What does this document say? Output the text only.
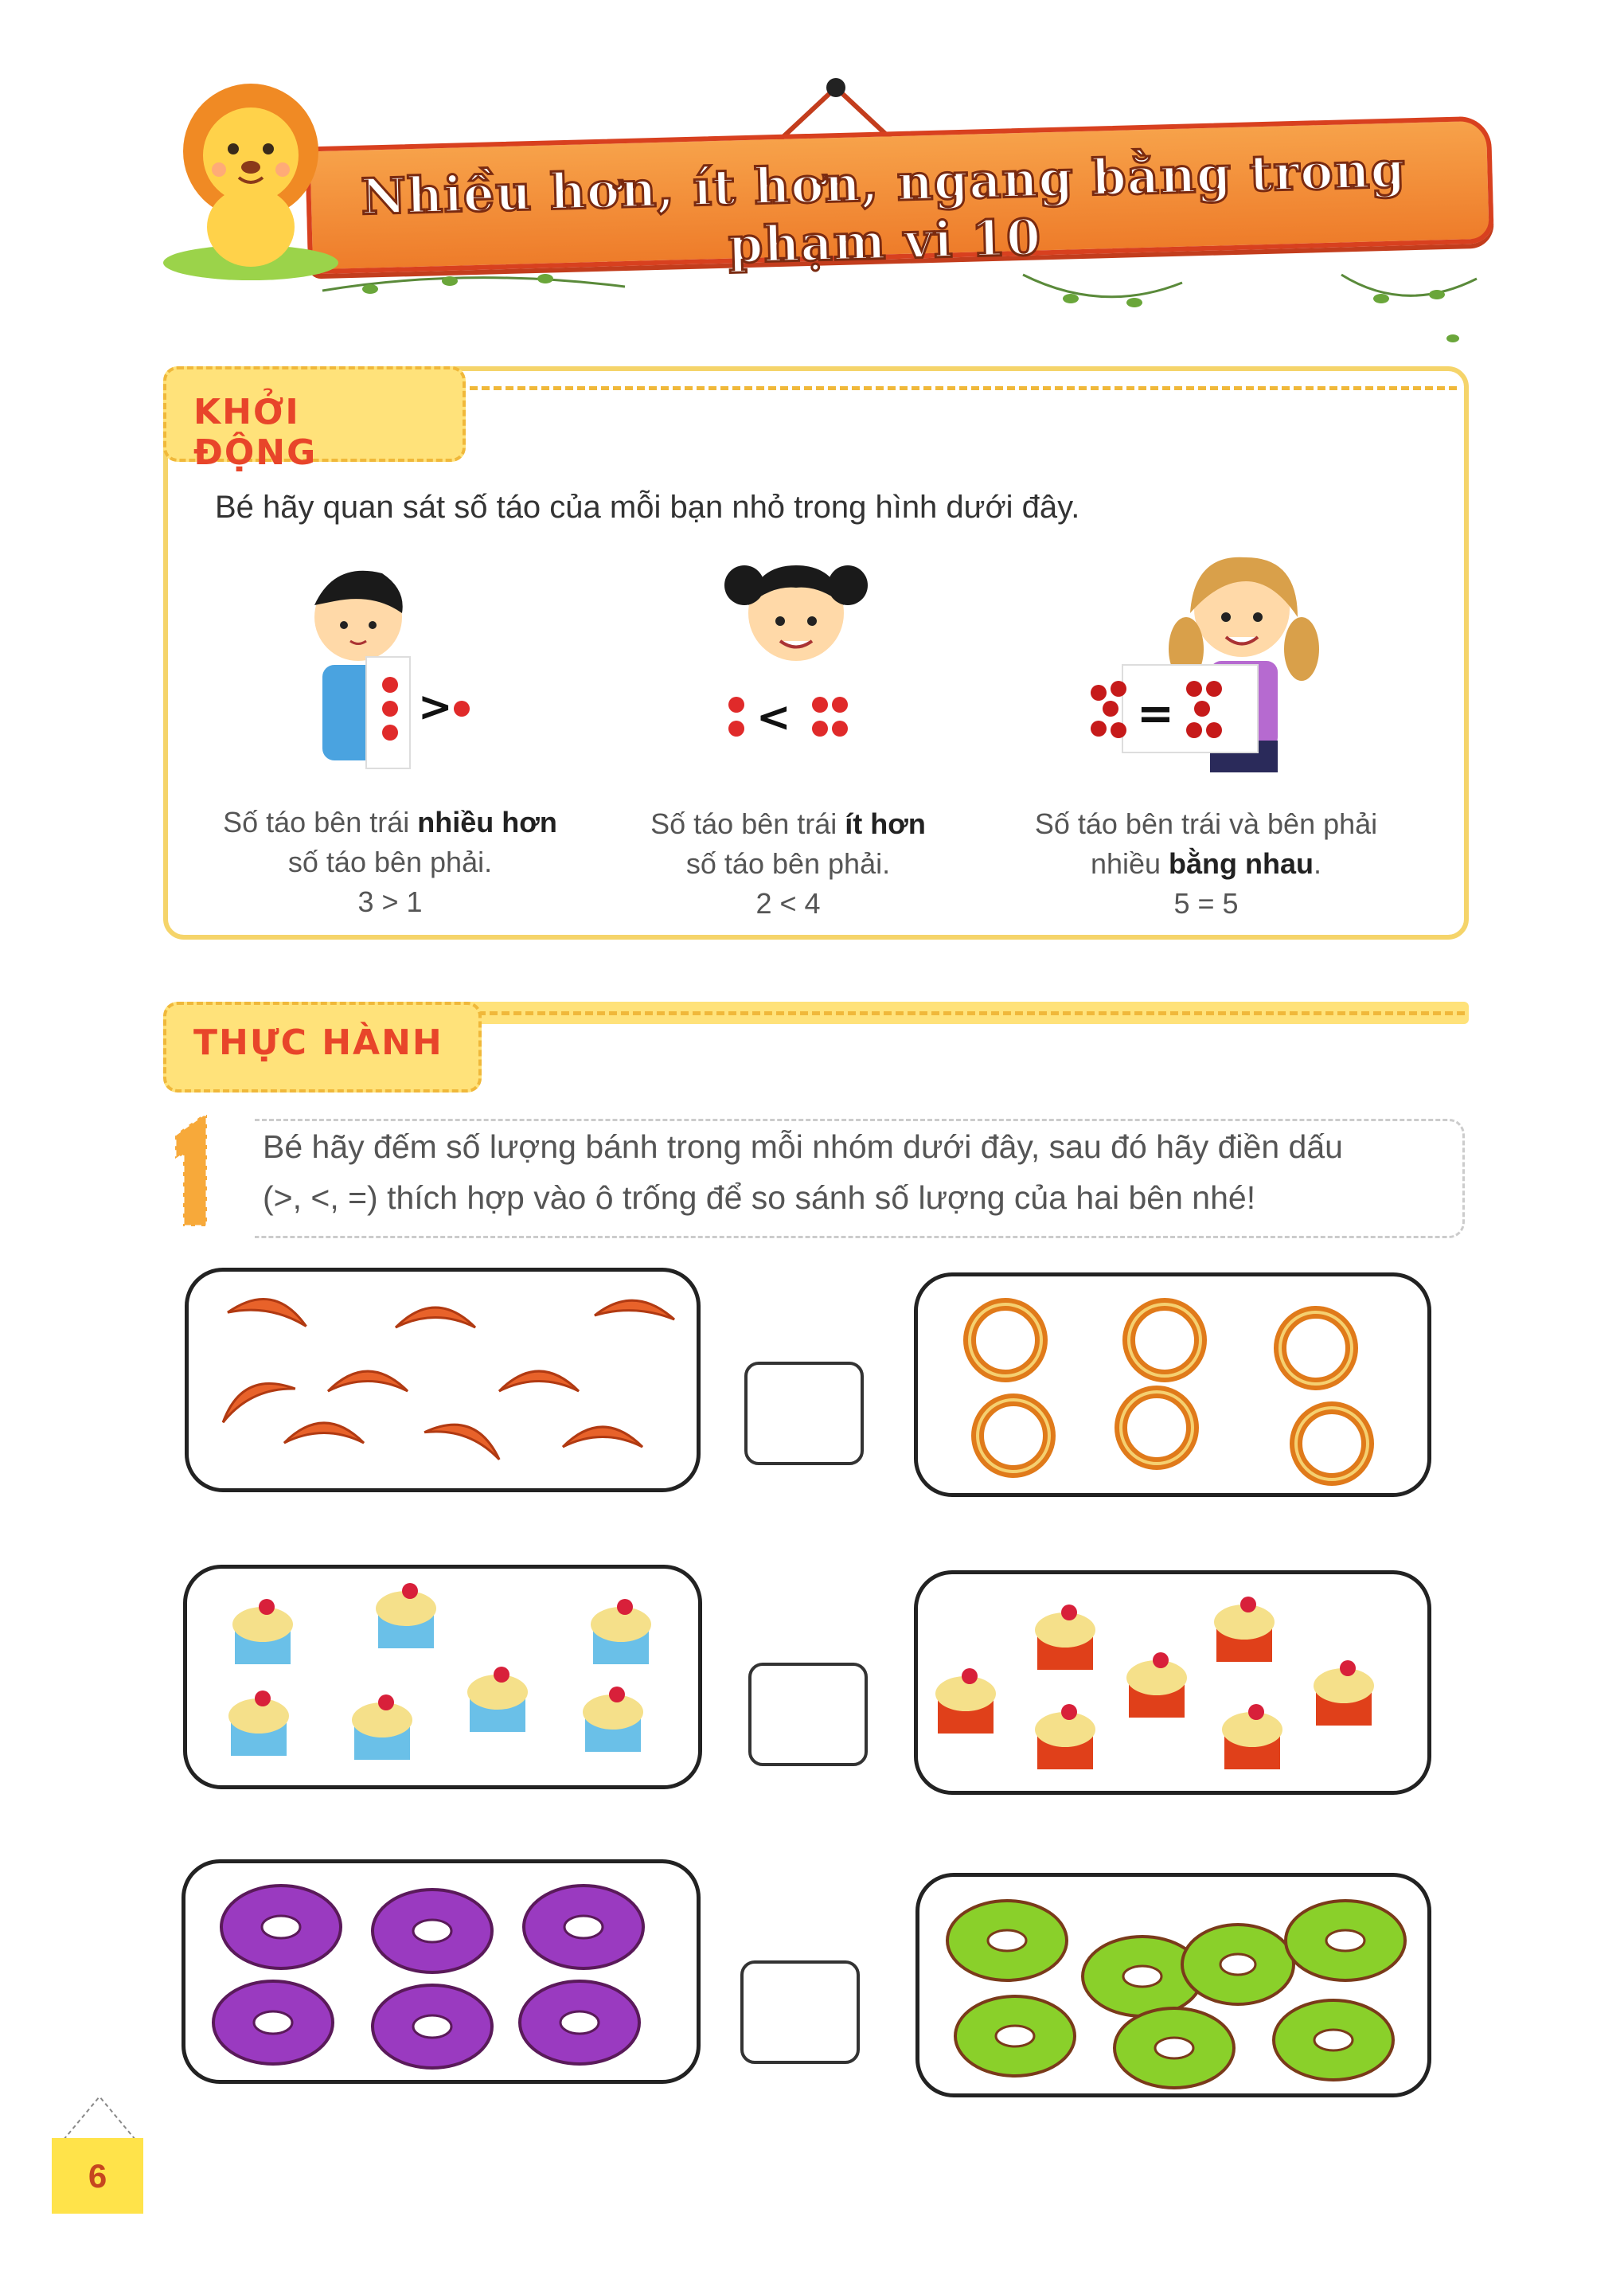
Nhiều hơn, ít hơn, ngang bằng trong phạm vi 10
KHỞI ĐỘNG
Bé hãy quan sát số táo của mỗi bạn nhỏ trong hình dưới đây.
>
Số táo bên trái nhiều hơn
số táo bên phải.
3 > 1
<
Số táo bên trái ít hơn
số táo bên phải.
2 < 4
=
Số táo bên trái và bên phải
nhiều bằng nhau.
5 = 5
THỰC HÀNH
Bé hãy đếm số lượng bánh trong mỗi nhóm dưới đây, sau đó hãy điền dấu
(>, <, =) thích hợp vào ô trống để so sánh số lượng của hai bên nhé!
6
